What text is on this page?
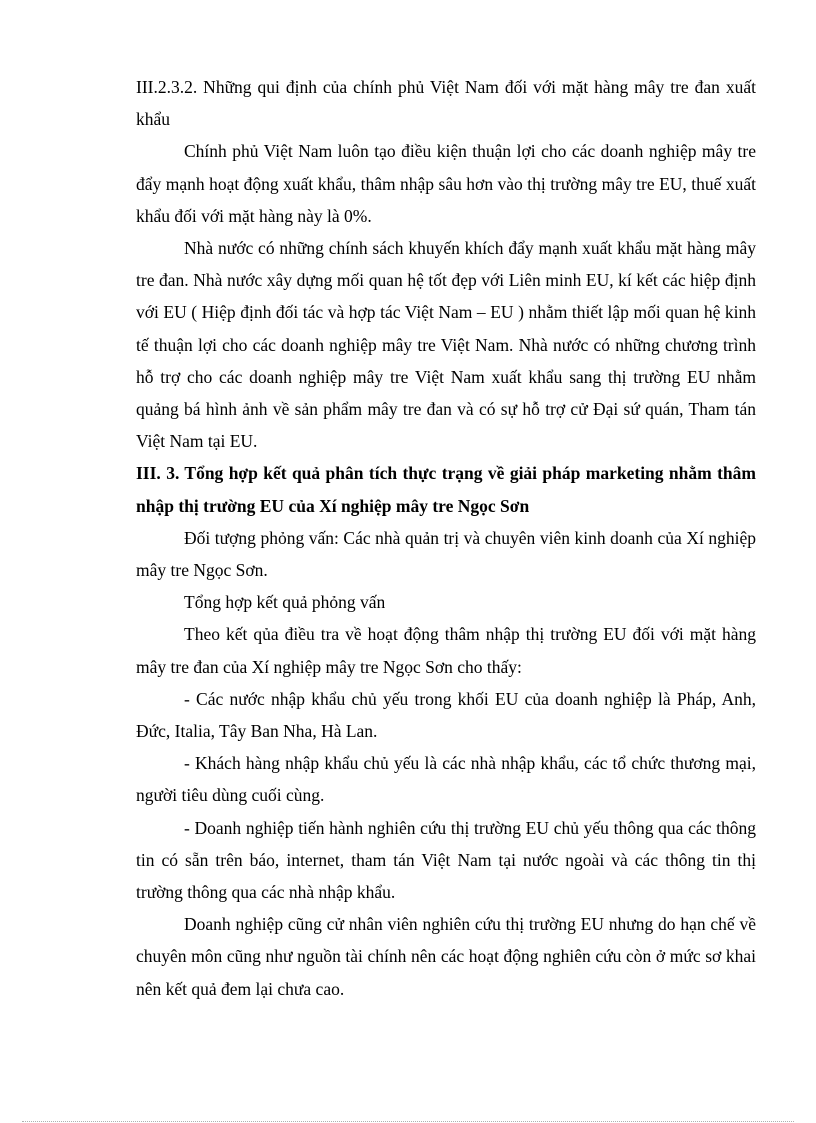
III.2.3.2. Những qui định của chính phủ Việt Nam đối với mặt hàng mây tre đan xuất khẩu

Chính phủ Việt Nam luôn tạo điều kiện thuận lợi cho các doanh nghiệp mây tre đẩy mạnh hoạt động xuất khẩu, thâm nhập sâu hơn vào thị trường mây tre EU, thuế xuất khẩu đối với mặt hàng này là 0%.

Nhà nước có những chính sách khuyến khích đẩy mạnh xuất khẩu mặt hàng mây tre đan. Nhà nước xây dựng mối quan hệ tốt đẹp với Liên minh EU, kí kết các hiệp định với EU ( Hiệp định đối tác và hợp tác Việt Nam – EU ) nhằm thiết lập mối quan hệ kinh tế thuận lợi cho các doanh nghiệp mây tre Việt Nam. Nhà nước có những chương trình hỗ trợ cho các doanh nghiệp mây tre Việt Nam xuất khẩu sang thị trường EU nhằm quảng bá hình ảnh về sản phẩm mây tre đan và có sự hỗ trợ cử Đại sứ quán, Tham tán Việt Nam tại EU.

III. 3. Tổng hợp kết quả phân tích thực trạng về giải pháp marketing nhằm thâm nhập thị trường EU của Xí nghiệp mây tre Ngọc Sơn

Đối tượng phỏng vấn: Các nhà quản trị và chuyên viên kinh doanh của Xí nghiệp mây tre Ngọc Sơn.

Tổng hợp kết quả phỏng vấn

Theo kết qủa điều tra về hoạt động thâm nhập thị trường EU đối với mặt hàng mây tre đan của Xí nghiệp mây tre Ngọc Sơn cho thấy:

- Các nước nhập khẩu chủ yếu trong khối EU của doanh nghiệp là Pháp, Anh, Đức, Italia, Tây Ban Nha, Hà Lan.

- Khách hàng nhập khẩu chủ yếu là các nhà nhập khẩu, các tổ chức thương mại, người tiêu dùng cuối cùng.

- Doanh nghiệp tiến hành nghiên cứu thị trường EU chủ yếu thông qua các thông tin có sẵn trên báo, internet, tham tán Việt Nam tại nước ngoài và các thông tin thị trường thông qua các nhà nhập khẩu.

Doanh nghiệp cũng cử nhân viên nghiên cứu thị trường EU nhưng do hạn chế về chuyên môn cũng như nguồn tài chính nên các hoạt động nghiên cứu còn ở mức sơ khai nên kết quả đem lại chưa cao.
